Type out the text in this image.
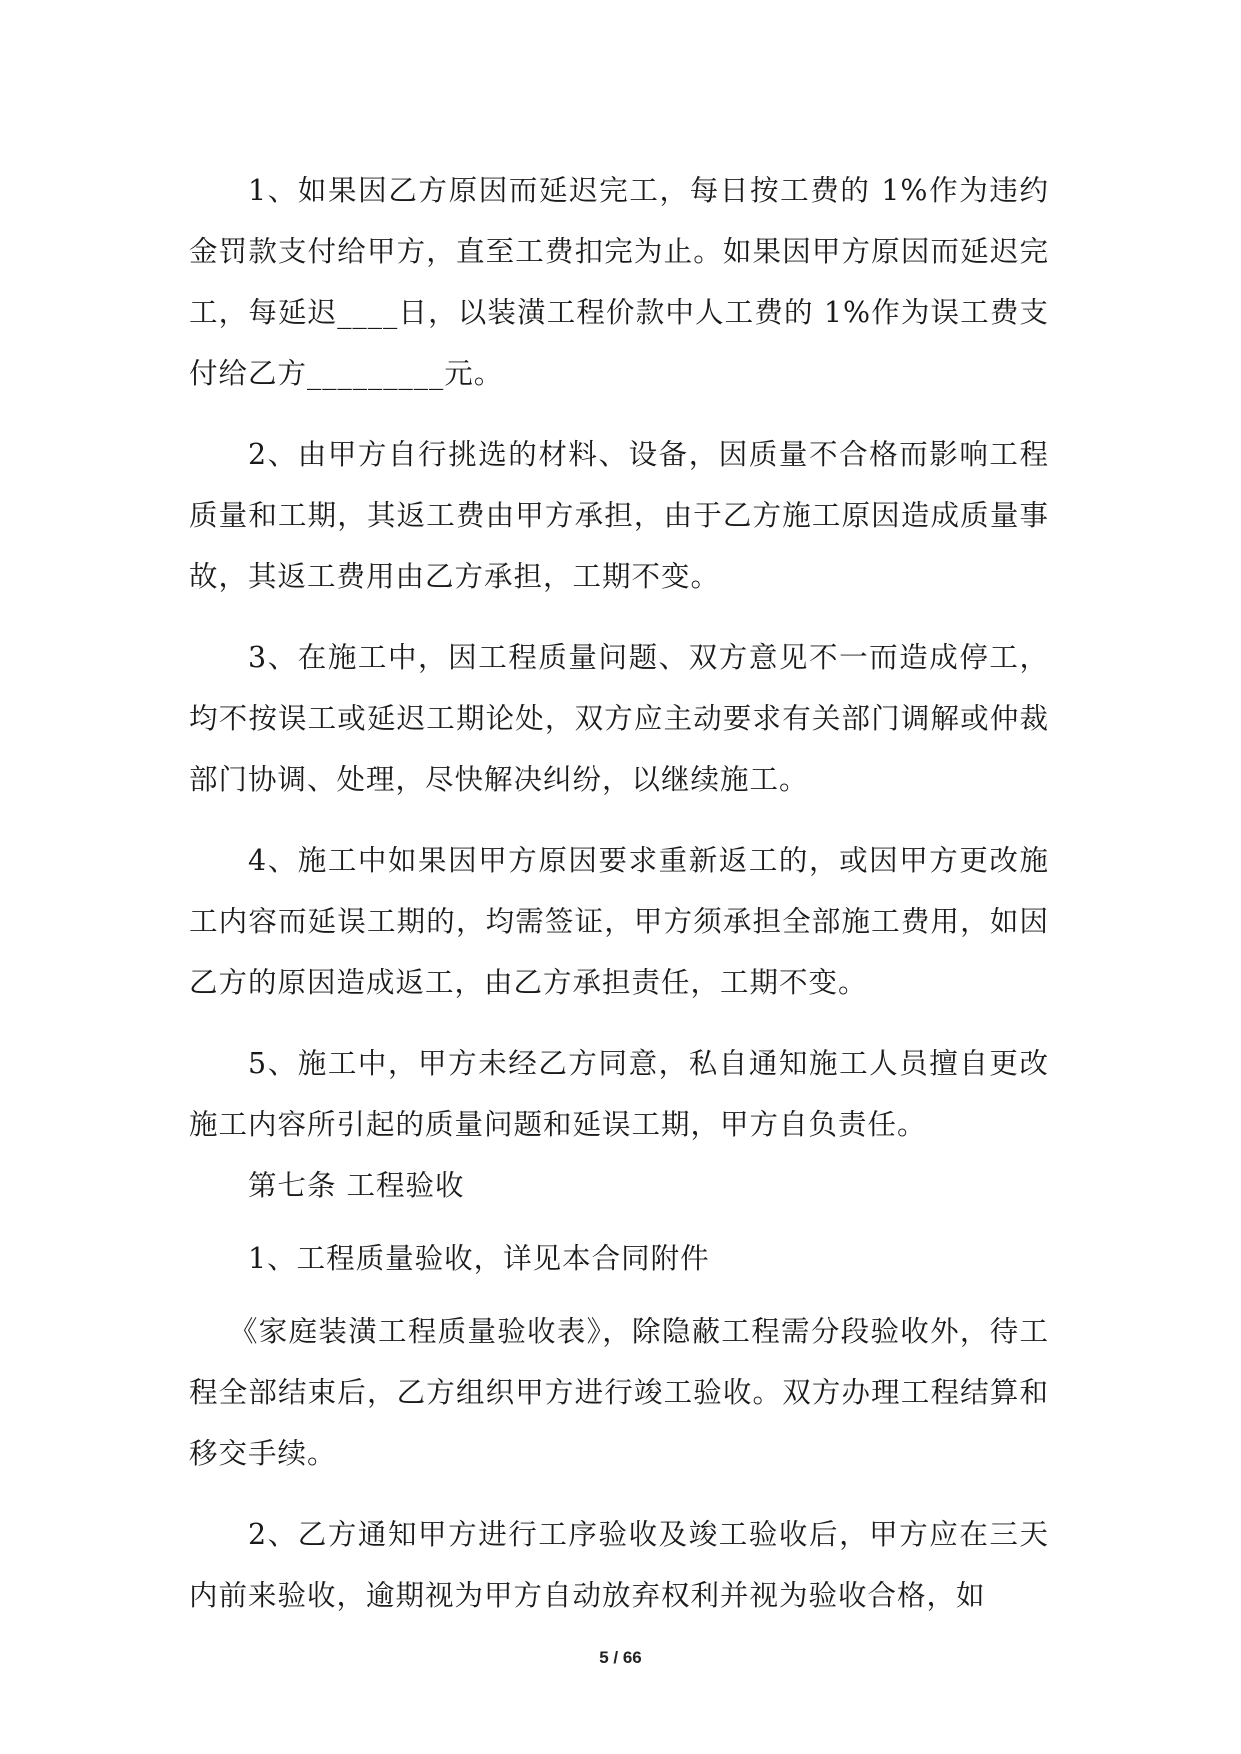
1、如果因乙方原因而延迟完工，每日按工费的 1%作为违约金罚款支付给甲方，直至工费扣完为止。如果因甲方原因而延迟完工，每延迟____日，以装潢工程价款中人工费的 1%作为误工费支付给乙方_________元。

2、由甲方自行挑选的材料、设备，因质量不合格而影响工程质量和工期，其返工费由甲方承担，由于乙方施工原因造成质量事故，其返工费用由乙方承担，工期不变。

3、在施工中，因工程质量问题、双方意见不一而造成停工，均不按误工或延迟工期论处，双方应主动要求有关部门调解或仲裁部门协调、处理，尽快解决纠纷，以继续施工。

4、施工中如果因甲方原因要求重新返工的，或因甲方更改施工内容而延误工期的，均需签证，甲方须承担全部施工费用，如因乙方的原因造成返工，由乙方承担责任，工期不变。

5、施工中，甲方未经乙方同意，私自通知施工人员擅自更改施工内容所引起的质量问题和延误工期，甲方自负责任。

第七条 工程验收

1、工程质量验收，详见本合同附件

《家庭装潢工程质量验收表》，除隐蔽工程需分段验收外，待工程全部结束后，乙方组织甲方进行竣工验收。双方办理工程结算和移交手续。

2、乙方通知甲方进行工序验收及竣工验收后，甲方应在三天内前来验收，逾期视为甲方自动放弃权利并视为验收合格，如

5 / 66
